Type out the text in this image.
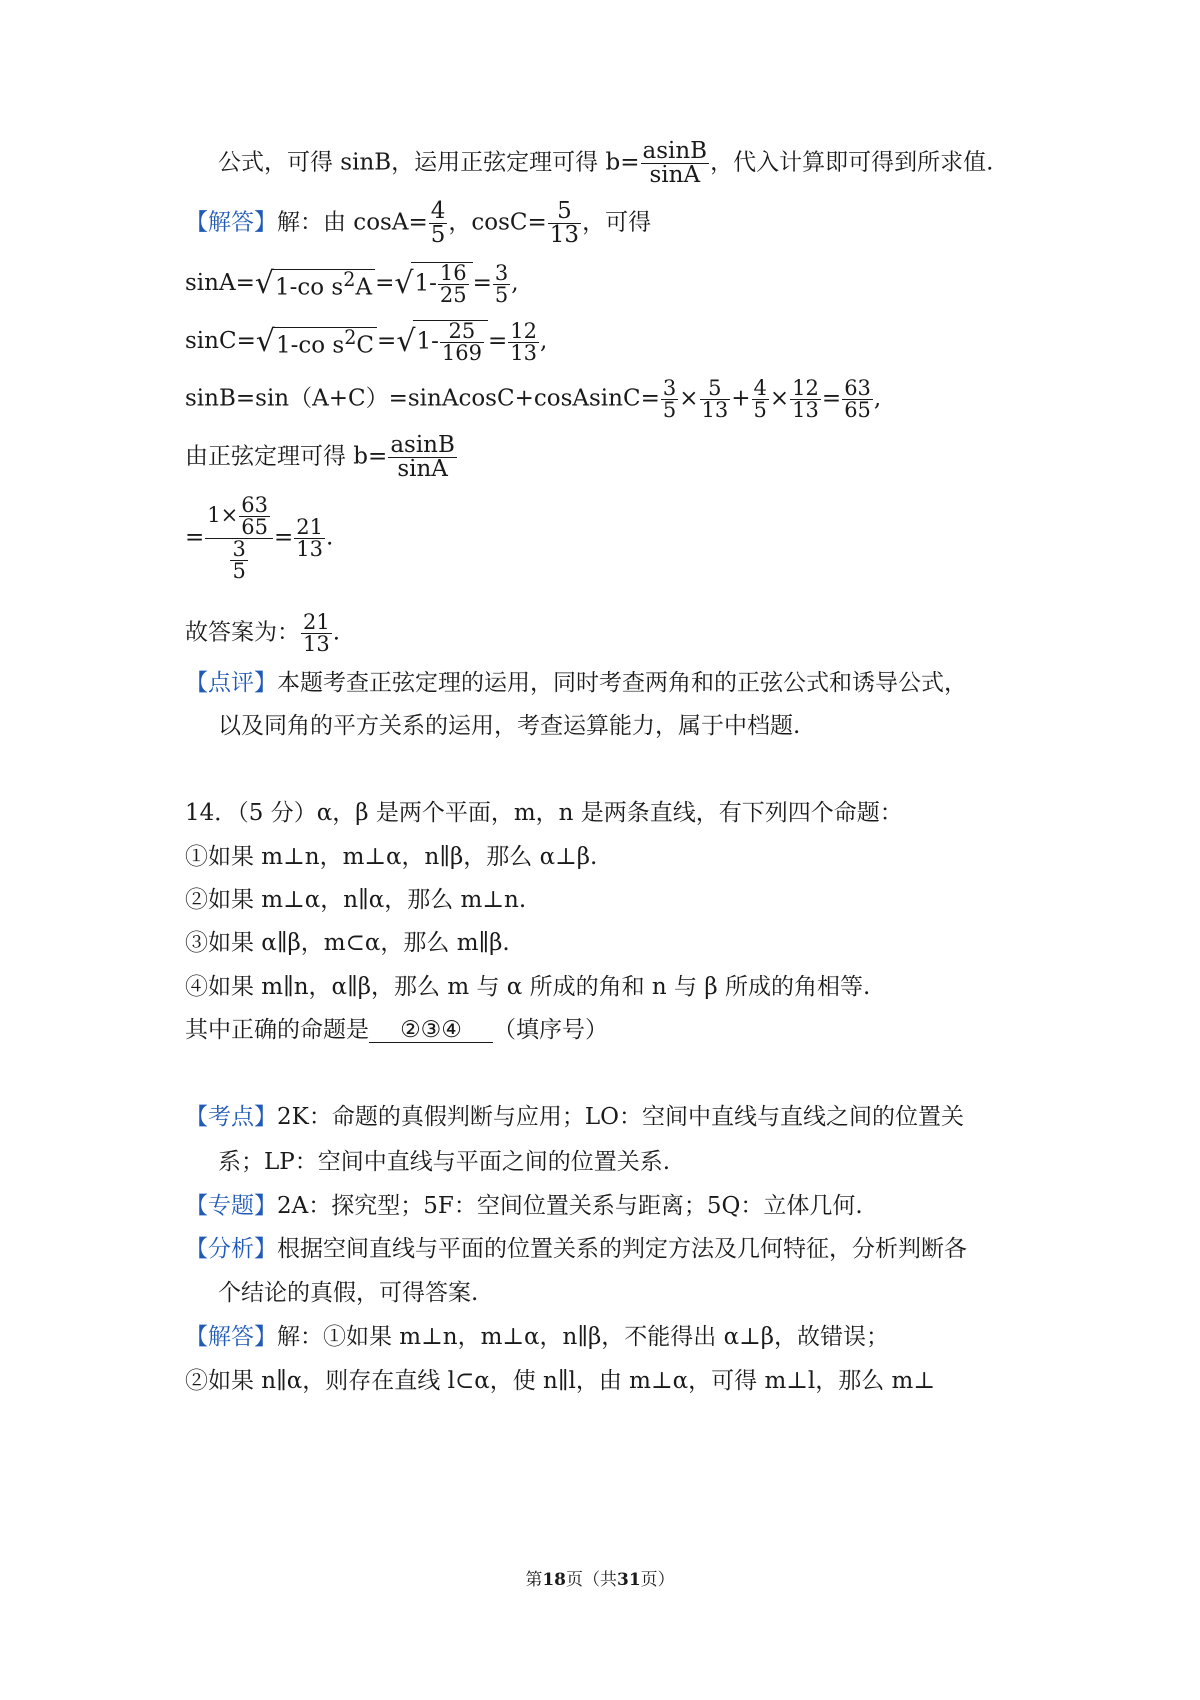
公式，可得 sinB，运用正弦定理可得 $b= \frac{asinB}{\sin A}$ ，代入计算即可得到所求值.
【解答】解：由 $\cos A= \frac{4}{5}$ ，$\cos C= \frac{5}{13}$ ，可得
sinA=√1-co $s^2A =√1- \frac{16}{25} = \frac{3}{5}$ ,
sinC=√1-co $s^2C =√1- \frac{25}{169} = \frac{12}{13}$ ,
sinB=sin（A+C）=sinAcosC+cosAsinC= $\frac{3}{5} \times \frac{5}{13} + \frac{4}{5} \times \frac{12}{13} = \frac{63}{65}$ ,
由正弦定理可得 $b= \frac{asinB}{\sin A}$
= $\frac{1\times \frac{63}{65}}{\frac{3}{5}} = \frac{21}{13}$ .
故答案为： $\frac{21}{13}$ .
【点评】本题考查正弦定理的运用，同时考查两角和的正弦公式和诱导公式，
以及同角的平方关系的运用，考查运算能力，属于中档题.
14．（5 分）α，β 是两个平面，m，n 是两条直线，有下列四个命题：
①如果 m⊥n，m⊥α，n∥β，那么 α⊥β.
②如果 m⊥α，n∥α，那么 m⊥n.
③如果 α∥β，m⊂α，那么 m∥β.
④如果 m∥n，α∥β，那么 m 与 α 所成的角和 n 与 β 所成的角相等.
其中正确的命题是 ②③④ （填序号）
【考点】2K：命题的真假判断与应用；LO：空间中直线与直线之间的位置关
系；LP：空间中直线与平面之间的位置关系.
【专题】2A：探究型；5F：空间位置关系与距离；5Q：立体几何.
【分析】根据空间直线与平面的位置关系的判定方法及几何特征，分析判断各
个结论的真假，可得答案.
【解答】解：①如果 m⊥n，m⊥α，n∥β，不能得出 α⊥β，故错误；
②如果 n∥α，则存在直线 l⊂α，使 n∥l，由 m⊥α，可得 m⊥l，那么 m⊥
第18页（共31页）
